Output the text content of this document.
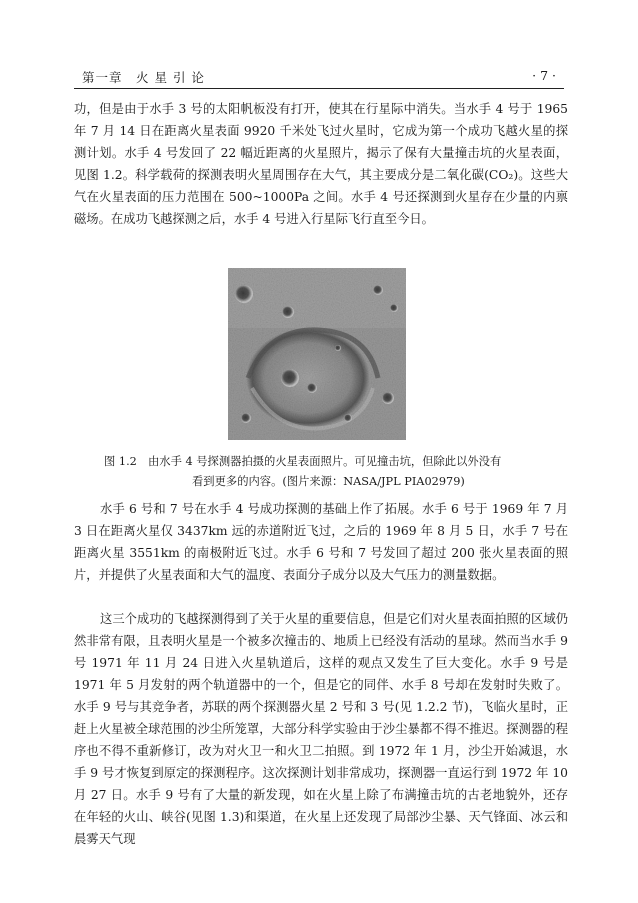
第一章　火 星 引 论	· 7 ·

功，但是由于水手 3 号的太阳帆板没有打开，使其在行星际中消失。当水手 4 号于 1965 年 7 月 14 日在距离火星表面 9920 千米处飞过火星时，它成为第一个成功飞越火星的探测计划。水手 4 号发回了 22 幅近距离的火星照片，揭示了保有大量撞击坑的火星表面，见图 1.2。科学载荷的探测表明火星周围存在大气，其主要成分是二氧化碳(CO₂)。这些大气在火星表面的压力范围在 500~1000Pa 之间。水手 4 号还探测到火星存在少量的内禀磁场。在成功飞越探测之后，水手 4 号进入行星际飞行直至今日。

图 1.2 由水手 4 号探测器拍摄的火星表面照片。可见撞击坑，但除此以外没有
看到更多的内容。(图片来源：NASA/JPL PIA02979)

水手 6 号和 7 号在水手 4 号成功探测的基础上作了拓展。水手 6 号于 1969 年 7 月 3 日在距离火星仅 3437km 远的赤道附近飞过，之后的 1969 年 8 月 5 日，水手 7 号在距离火星 3551km 的南极附近飞过。水手 6 号和 7 号发回了超过 200 张火星表面的照片，并提供了火星表面和大气的温度、表面分子成分以及大气压力的测量数据。

这三个成功的飞越探测得到了关于火星的重要信息，但是它们对火星表面拍照的区域仍然非常有限，且表明火星是一个被多次撞击的、地质上已经没有活动的星球。然而当水手 9 号 1971 年 11 月 24 日进入火星轨道后，这样的观点又发生了巨大变化。水手 9 号是 1971 年 5 月发射的两个轨道器中的一个，但是它的同伴、水手 8 号却在发射时失败了。水手 9 号与其竞争者，苏联的两个探测器火星 2 号和 3 号(见 1.2.2 节)，飞临火星时，正赶上火星被全球范围的沙尘所笼罩，大部分科学实验由于沙尘暴都不得不推迟。探测器的程序也不得不重新修订，改为对火卫一和火卫二拍照。到 1972 年 1 月，沙尘开始减退，水手 9 号才恢复到原定的探测程序。这次探测计划非常成功，探测器一直运行到 1972 年 10 月 27 日。水手 9 号有了大量的新发现，如在火星上除了布满撞击坑的古老地貌外，还存在年轻的火山、峡谷(见图 1.3)和渠道，在火星上还发现了局部沙尘暴、天气锋面、冰云和晨雾天气现
